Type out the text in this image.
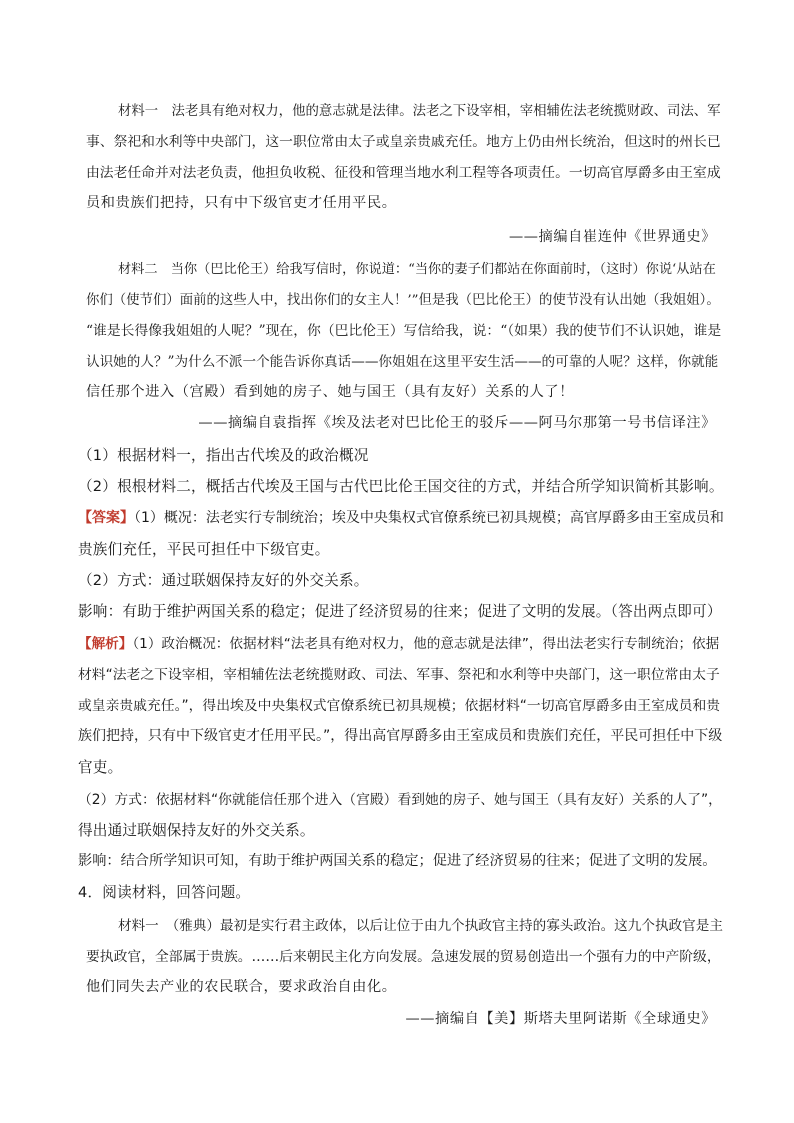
材料一　法老具有绝对权力，他的意志就是法律。法老之下设宰相，宰相辅佐法老统揽财政、司法、军

事、祭祀和水利等中央部门，这一职位常由太子或皇亲贵戚充任。地方上仍由州长统治，但这时的州长已

由法老任命并对法老负责，他担负收税、征役和管理当地水利工程等各项责任。一切高官厚爵多由王室成

员和贵族们把持，只有中下级官吏才任用平民。

——摘编自崔连仲《世界通史》

材料二　当你（巴比伦王）给我写信时，你说道：“当你的妻子们都站在你面前时，（这时）你说‘从站在

你们（使节们）面前的这些人中，找出你们的女主人！’”但是我（巴比伦王）的使节没有认出她（我姐姐）。

“谁是长得像我姐姐的人呢？”现在，你（巴比伦王）写信给我，说：“（如果）我的使节们不认识她，谁是

认识她的人？”为什么不派一个能告诉你真话——你姐姐在这里平安生活——的可靠的人呢？这样，你就能

信任那个进入（宫殿）看到她的房子、她与国王（具有友好）关系的人了！

——摘编自袁指挥《埃及法老对巴比伦王的驳斥——阿马尔那第一号书信译注》

（1）根据材料一，指出古代埃及的政治概况

（2）根根材料二，概括古代埃及王国与古代巴比伦王国交往的方式，并结合所学知识简析其影响。

【答案】（1）概况：法老实行专制统治；埃及中央集权式官僚系统已初具规模；高官厚爵多由王室成员和

贵族们充任，平民可担任中下级官吏。

（2）方式：通过联姻保持友好的外交关系。

影响：有助于维护两国关系的稳定；促进了经济贸易的往来；促进了文明的发展。（答出两点即可）

【解析】（1）政治概况：依据材料“法老具有绝对权力，他的意志就是法律”，得出法老实行专制统治；依据

材料“法老之下设宰相，宰相辅佐法老统揽财政、司法、军事、祭祀和水利等中央部门，这一职位常由太子

或皇亲贵戚充任。”，得出埃及中央集权式官僚系统已初具规模；依据材料“一切高官厚爵多由王室成员和贵

族们把持，只有中下级官吏才任用平民。”，得出高官厚爵多由王室成员和贵族们充任，平民可担任中下级

官吏。

（2）方式：依据材料“你就能信任那个进入（宫殿）看到她的房子、她与国王（具有友好）关系的人了”，

得出通过联姻保持友好的外交关系。

影响：结合所学知识可知，有助于维护两国关系的稳定；促进了经济贸易的往来；促进了文明的发展。

4．阅读材料，回答问题。

材料一　（雅典）最初是实行君主政体，以后让位于由九个执政官主持的寡头政治。这九个执政官是主

要执政官，全部属于贵族。……后来朝民主化方向发展。急速发展的贸易创造出一个强有力的中产阶级，

他们同失去产业的农民联合，要求政治自由化。

——摘编自【美】斯塔夫里阿诺斯《全球通史》
